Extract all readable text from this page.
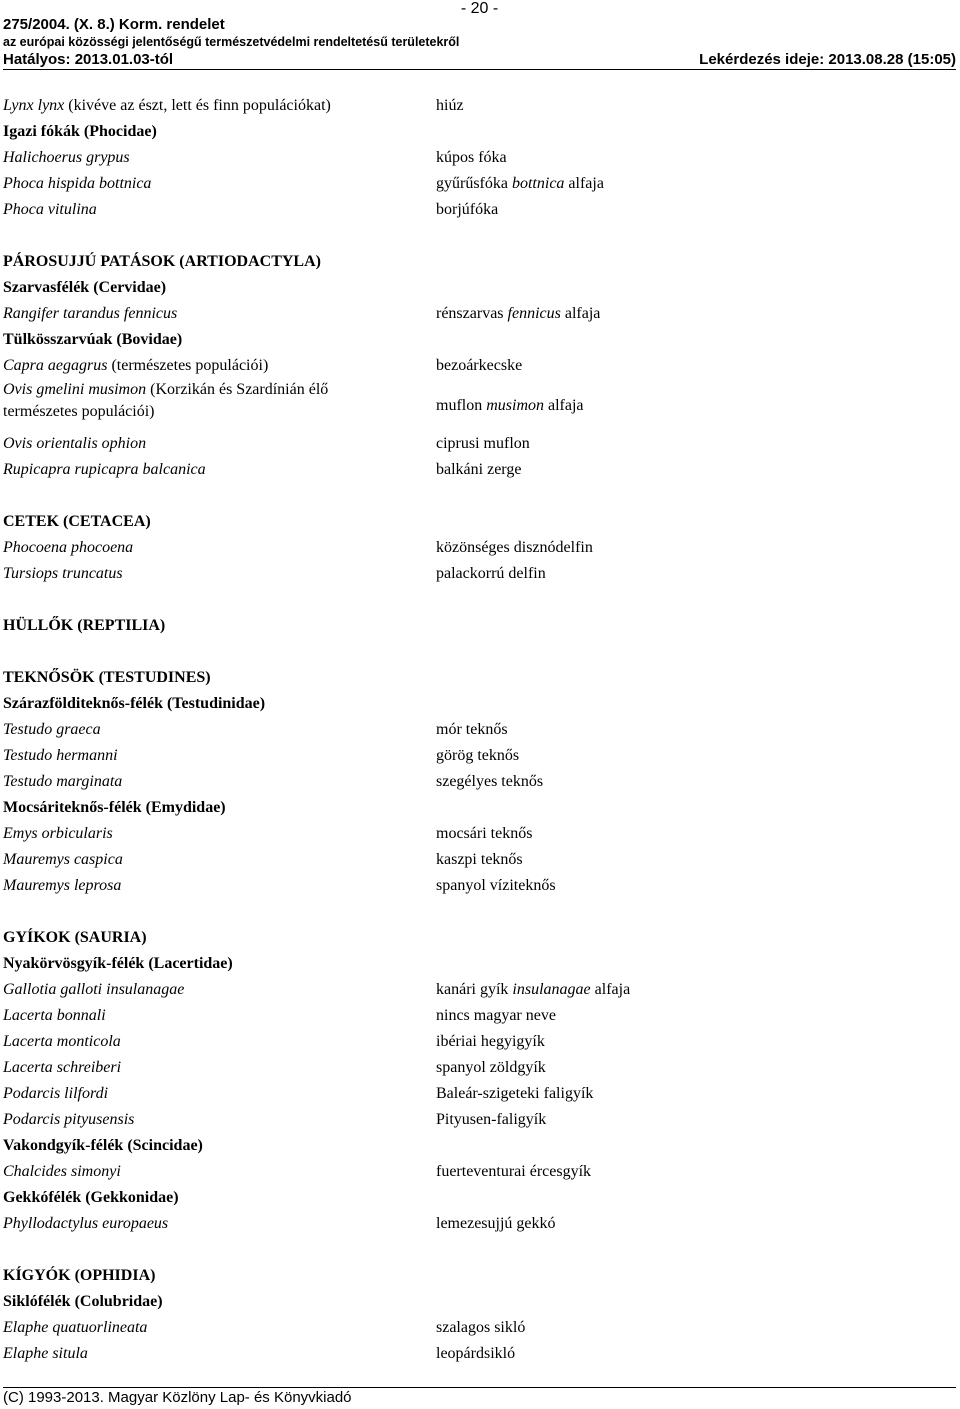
- 20 -
275/2004. (X. 8.) Korm. rendelet
az európai közösségi jelentőségű természetvédelmi rendeltetésű területekről
Hatályos: 2013.01.03-tól	Lekérdezés ideje: 2013.08.28 (15:05)
Lynx lynx (kivéve az észt, lett és finn populációkat)	hiúz
Igazi fókák (Phocidae)
Halichoerus grypus	kúpos fóka
Phoca hispida bottnica	gyűrűsfóka bottnica alfaja
Phoca vitulina	borjúfóka
PÁROSUJJÚ PATÁSOK (ARTIODACTYLA)
Szarvasfélék (Cervidae)
Rangifer tarandus fennicus	rénszarvas fennicus alfaja
Tülkösszarvúak (Bovidae)
Capra aegagrus (természetes populációi)	bezoárkecske
Ovis gmelini musimon (Korzikán és Szardínián élő természetes populációi)	muflon musimon alfaja
Ovis orientalis ophion	ciprusi muflon
Rupicapra rupicapra balcanica	balkáni zerge
CETEK (CETACEA)
Phocoena phocoena	közönséges disznódelfin
Tursiops truncatus	palackorrú delfin
HÜLLŐK (REPTILIA)
TEKNŐSÖK (TESTUDINES)
Szárazfölditeknős-félék (Testudinidae)
Testudo graeca	mór teknős
Testudo hermanni	görög teknős
Testudo marginata	szegélyes teknős
Mocsáriteknős-félék (Emydidae)
Emys orbicularis	mocsári teknős
Mauremys caspica	kaszpi teknős
Mauremys leprosa	spanyol víziteknős
GYÍKOK (SAURIA)
Nyakörvösgyík-félék (Lacertidae)
Gallotia galloti insulanagae	kanári gyík insulanagae alfaja
Lacerta bonnali	nincs magyar neve
Lacerta monticola	ibériai hegyigyík
Lacerta schreiberi	spanyol zöldgyík
Podarcis lilfordi	Baleár-szigeteki faligyík
Podarcis pityusensis	Pityusen-faligyík
Vakondgyík-félék (Scincidae)
Chalcides simonyi	fuerteventurai ércesgyík
Gekkófélék (Gekkonidae)
Phyllodactylus europaeus	lemezesujjú gekkó
KÍGYÓK (OPHIDIA)
Siklófélék (Colubridae)
Elaphe quatuorlineata	szalagos sikló
Elaphe situla	leopárdsikló
(C) 1993-2013. Magyar Közlöny Lap- és Könyvkiadó
